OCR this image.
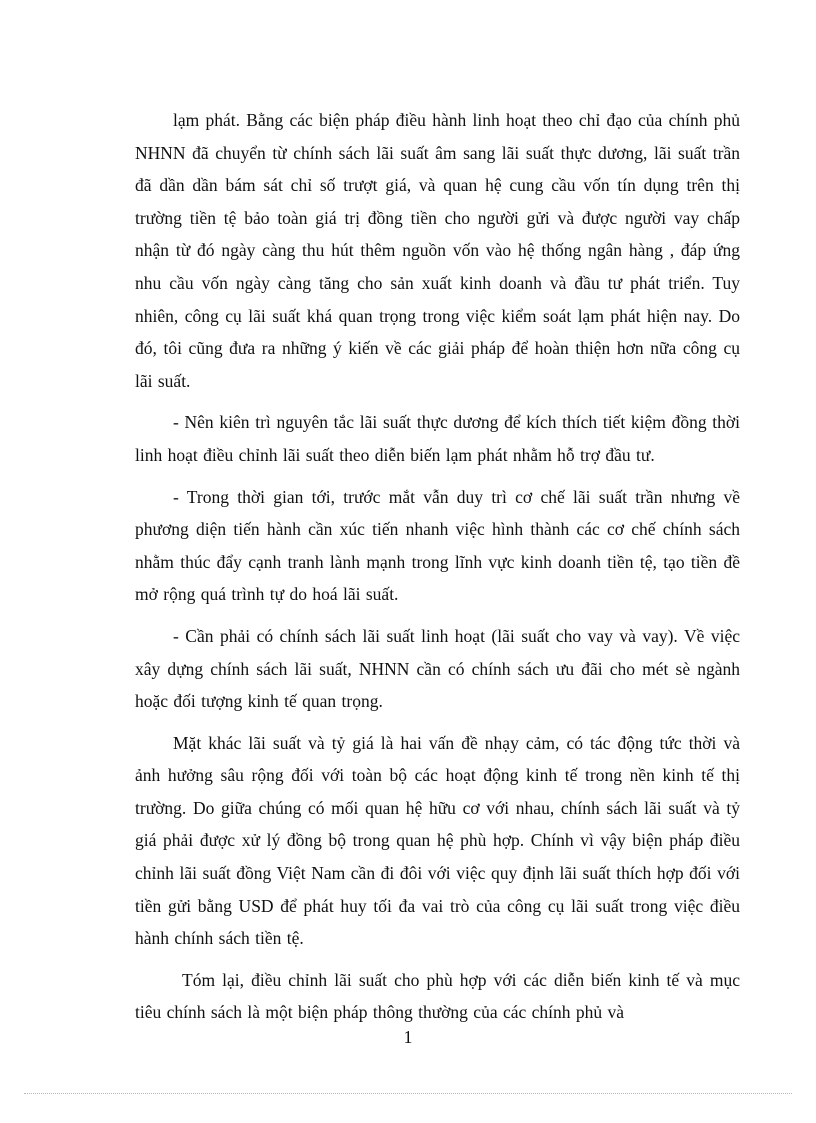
lạm phát. Bằng các biện pháp điều hành linh hoạt theo chỉ đạo của chính phủ NHNN đã chuyển từ chính sách lãi suất âm sang lãi suất thực dương, lãi suất trần đã dần dần bám sát chỉ số trượt giá, và quan hệ cung cầu vốn tín dụng trên thị trường tiền tệ bảo toàn giá trị đồng tiền cho người gửi và được người vay chấp nhận từ đó ngày càng thu hút thêm nguồn vốn vào hệ thống ngân hàng , đáp ứng nhu cầu vốn ngày càng tăng cho sản xuất kinh doanh và đầu tư phát triển. Tuy nhiên, công cụ lãi suất khá quan trọng trong việc kiểm soát lạm phát hiện nay. Do đó, tôi cũng đưa ra những ý kiến về các giải pháp để hoàn thiện hơn nữa công cụ lãi suất.

- Nên kiên trì nguyên tắc lãi suất thực dương để kích thích tiết kiệm đồng thời linh hoạt điều chỉnh lãi suất theo diễn biến lạm phát nhằm hỗ trợ đầu tư.

- Trong thời gian tới, trước mắt vẫn duy trì cơ chế lãi suất trần nhưng về phương diện tiến hành cần xúc tiến nhanh việc hình thành các cơ chế chính sách nhằm thúc đẩy cạnh tranh lành mạnh trong lĩnh vực kinh doanh tiền tệ, tạo tiền đề mở rộng quá trình tự do hoá lãi suất.

- Cần phải có chính sách lãi suất linh hoạt (lãi suất cho vay và vay). Về việc xây dựng chính sách lãi suất, NHNN cần có chính sách ưu đãi cho mét sè ngành hoặc đối tượng kinh tế quan trọng.

Mặt khác lãi suất và tỷ giá là hai vấn đề nhạy cảm, có tác động tức thời và ảnh hưởng sâu rộng đối với toàn bộ các hoạt động kinh tế trong nền kinh tế thị trường. Do giữa chúng có mối quan hệ hữu cơ với nhau, chính sách lãi suất và tỷ giá phải được xử lý đồng bộ trong quan hệ phù hợp. Chính vì vậy biện pháp điều chỉnh lãi suất đồng Việt Nam cần đi đôi với việc quy định lãi suất thích hợp đối với tiền gửi bằng USD để phát huy tối đa vai trò của công cụ lãi suất trong việc điều hành chính sách tiền tệ.

Tóm lại, điều chỉnh lãi suất cho phù hợp với các diễn biến kinh tế và mục tiêu chính sách là một biện pháp thông thường của các chính phủ và

1
